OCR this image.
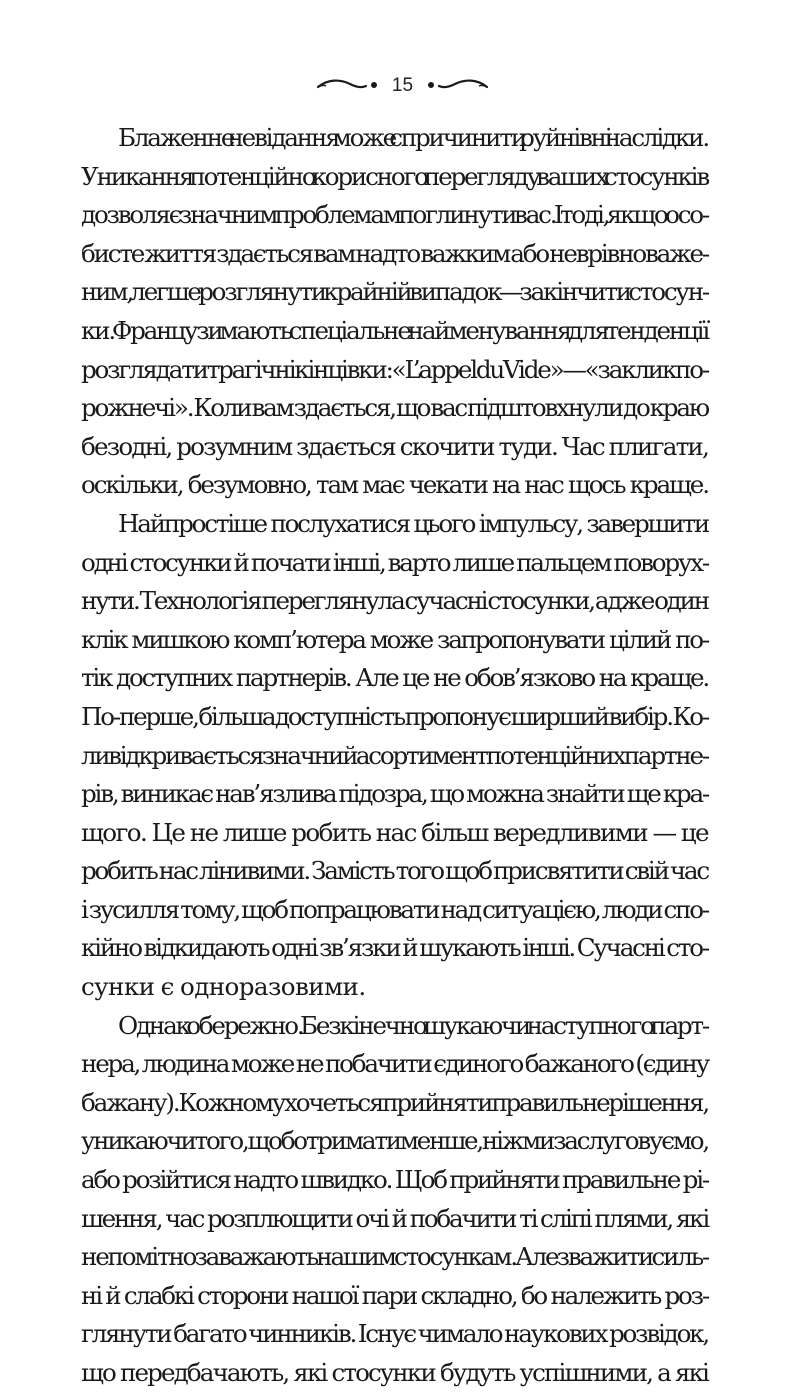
15

Блаженне невідання може спричинити руйнівні наслідки.
Уникання потенційно корисного перегляду ваших стосунків
дозволяє значним проблемам поглинути вас. І тоді, якщо осо-
бисте життя здається вам надто важким або неврівноваже-
ним, легше розглянути крайній випадок — закінчити стосун-
ки. Французи мають спеціальне найменування для тенденції
розглядати трагічні кінцівки: «L’appel du Vide» — «заклик по-
рожнечі». Коли вам здається, що вас підштовхнули до краю
безодні, розумним здається скочити туди. Час плигати,
оскільки, безумовно, там має чекати на нас щось краще.

Найпростіше послухатися цього імпульсу, завершити
одні стосунки й почати інші, варто лише пальцем поворух-
нути. Технологія переглянула сучасні стосунки, адже один
клік мишкою комп’ютера може запропонувати цілий по-
тік доступних партнерів. Але це не обов’язково на краще.
По-перше, більша доступність пропонує ширший вибір. Ко-
ли відкривається значний асортимент потенційних партне-
рів, виникає нав’язлива підозра, що можна знайти ще кра-
щого. Це не лише робить нас більш вередливими — це
робить нас лінивими. Замість того щоб присвятити свій час
і зусилля тому, щоб попрацювати над ситуацією, люди спо-
кійно відкидають одні зв’язки й шукають інші. Сучасні сто-
сунки є одноразовими.

Однак обережно. Безкінечно шукаючи наступного парт-
нера, людина може не побачити єдиного бажаного (єдину
бажану). Кожному хочеться прийняти правильне рішення,
уникаючи того, щоб отримати менше, ніж ми заслуговуємо,
або розійтися надто швидко. Щоб прийняти правильне рі-
шення, час розплющити очі й побачити ті сліпі плями, які
непомітно заважають нашим стосункам. Але зважити силь-
ні й слабкі сторони нашої пари складно, бо належить роз-
глянути багато чинників. Існує чимало наукових розвідок,
що передбачають, які стосунки будуть успішними, а які
